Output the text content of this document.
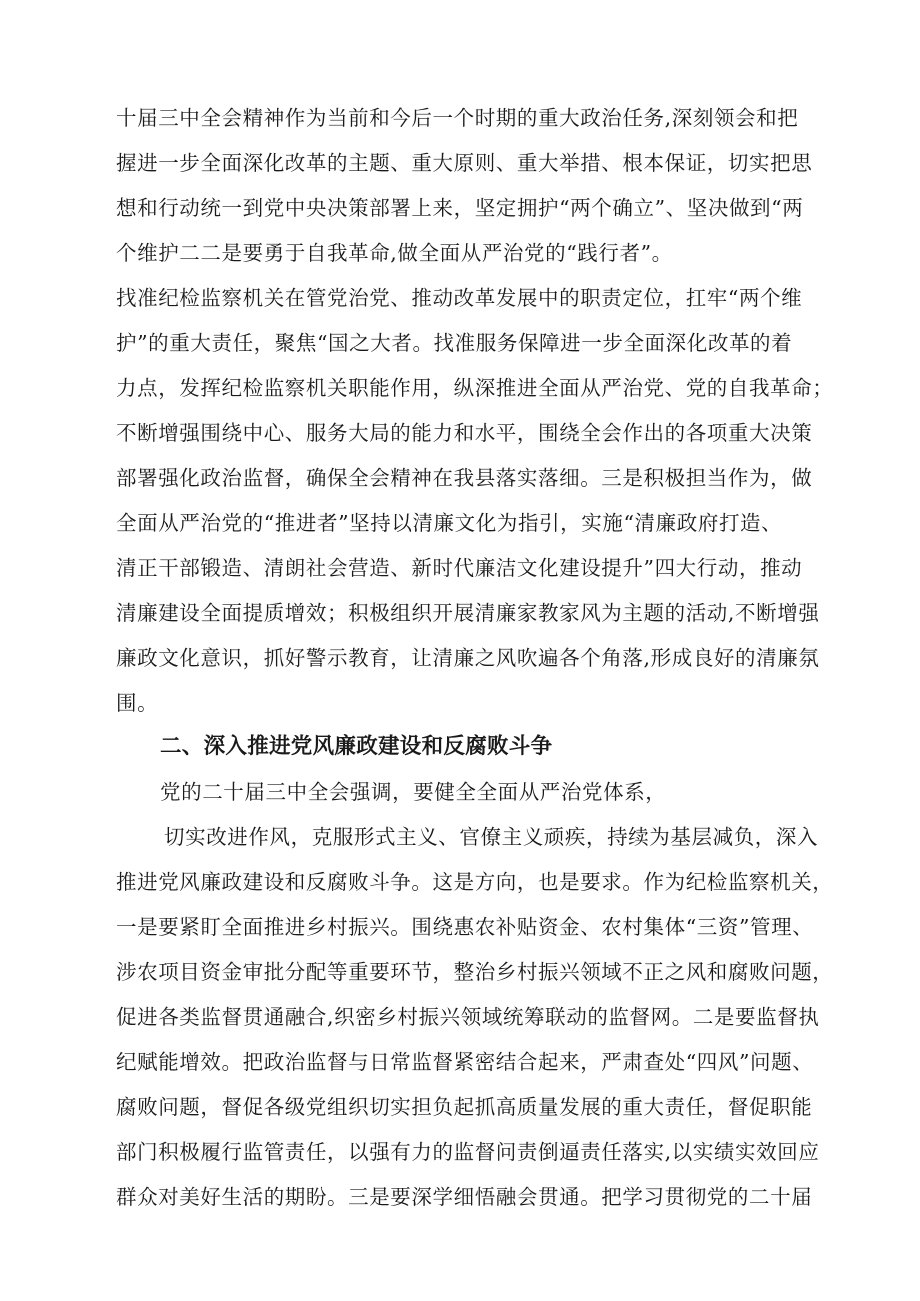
十届三中全会精神作为当前和今后一个时期的重大政治任务,深刻领会和把
握进一步全面深化改革的主题、重大原则、重大举措、根本保证，切实把思
想和行动统一到党中央决策部署上来，坚定拥护“两个确立”、坚决做到“两
个维护二二是要勇于自我革命,做全面从严治党的“践行者”。
找准纪检监察机关在管党治党、推动改革发展中的职责定位，扛牢“两个维
护”的重大责任，聚焦“国之大者。找准服务保障进一步全面深化改革的着
力点，发挥纪检监察机关职能作用，纵深推进全面从严治党、党的自我革命；
不断增强围绕中心、服务大局的能力和水平，围绕全会作出的各项重大决策
部署强化政治监督，确保全会精神在我县落实落细。三是积极担当作为，做
全面从严治党的“推进者”坚持以清廉文化为指引，实施“清廉政府打造、
清正干部锻造、清朗社会营造、新时代廉洁文化建设提升”四大行动，推动
清廉建设全面提质增效；积极组织开展清廉家教家风为主题的活动,不断增强
廉政文化意识，抓好警示教育，让清廉之风吹遍各个角落,形成良好的清廉氛
围。
二、深入推进党风廉政建设和反腐败斗争
党的二十届三中全会强调，要健全全面从严治党体系，
切实改进作风，克服形式主义、官僚主义顽疾，持续为基层减负，深入
推进党风廉政建设和反腐败斗争。这是方向，也是要求。作为纪检监察机关，
一是要紧盯全面推进乡村振兴。围绕惠农补贴资金、农村集体“三资”管理、
涉农项目资金审批分配等重要环节，整治乡村振兴领域不正之风和腐败问题，
促进各类监督贯通融合,织密乡村振兴领域统筹联动的监督网。二是要监督执
纪赋能增效。把政治监督与日常监督紧密结合起来，严肃查处“四风”问题、
腐败问题，督促各级党组织切实担负起抓高质量发展的重大责任，督促职能
部门积极履行监管责任，以强有力的监督问责倒逼责任落实,以实绩实效回应
群众对美好生活的期盼。三是要深学细悟融会贯通。把学习贯彻党的二十届
